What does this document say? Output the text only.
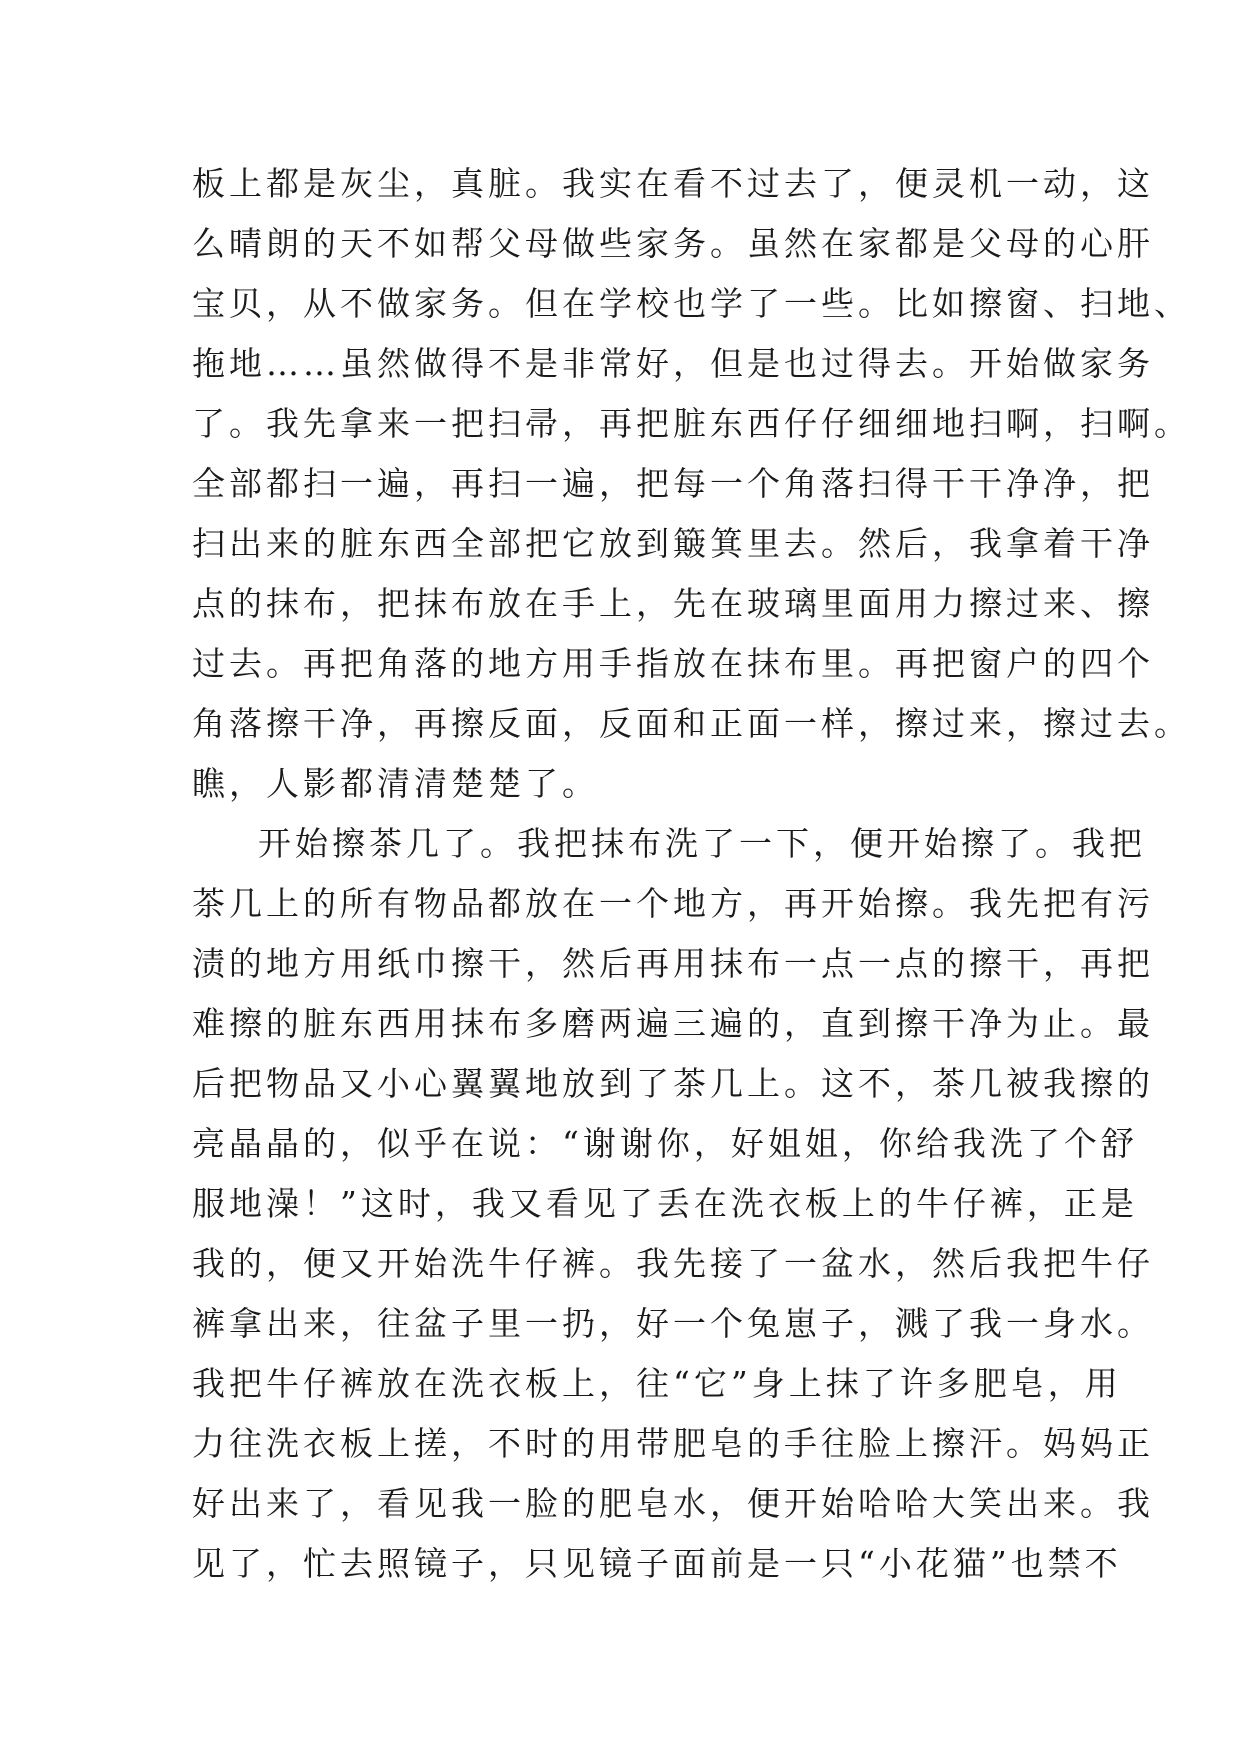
板上都是灰尘，真脏。我实在看不过去了，便灵机一动，这
么晴朗的天不如帮父母做些家务。虽然在家都是父母的心肝
宝贝，从不做家务。但在学校也学了一些。比如擦窗、扫地、
拖地……虽然做得不是非常好，但是也过得去。开始做家务
了。我先拿来一把扫帚，再把脏东西仔仔细细地扫啊，扫啊。
全部都扫一遍，再扫一遍，把每一个角落扫得干干净净，把
扫出来的脏东西全部把它放到簸箕里去。然后，我拿着干净
点的抹布，把抹布放在手上，先在玻璃里面用力擦过来、擦
过去。再把角落的地方用手指放在抹布里。再把窗户的四个
角落擦干净，再擦反面，反面和正面一样，擦过来，擦过去。
瞧，人影都清清楚楚了。
开始擦茶几了。我把抹布洗了一下，便开始擦了。我把
茶几上的所有物品都放在一个地方，再开始擦。我先把有污
渍的地方用纸巾擦干，然后再用抹布一点一点的擦干，再把
难擦的脏东西用抹布多磨两遍三遍的，直到擦干净为止。最
后把物品又小心翼翼地放到了茶几上。这不，茶几被我擦的
亮晶晶的，似乎在说：“谢谢你，好姐姐，你给我洗了个舒
服地澡！”这时，我又看见了丢在洗衣板上的牛仔裤，正是
我的，便又开始洗牛仔裤。我先接了一盆水，然后我把牛仔
裤拿出来，往盆子里一扔，好一个兔崽子，溅了我一身水。
我把牛仔裤放在洗衣板上，往“它”身上抹了许多肥皂，用
力往洗衣板上搓，不时的用带肥皂的手往脸上擦汗。妈妈正
好出来了，看见我一脸的肥皂水，便开始哈哈大笑出来。我
见了，忙去照镜子，只见镜子面前是一只“小花猫”也禁不
